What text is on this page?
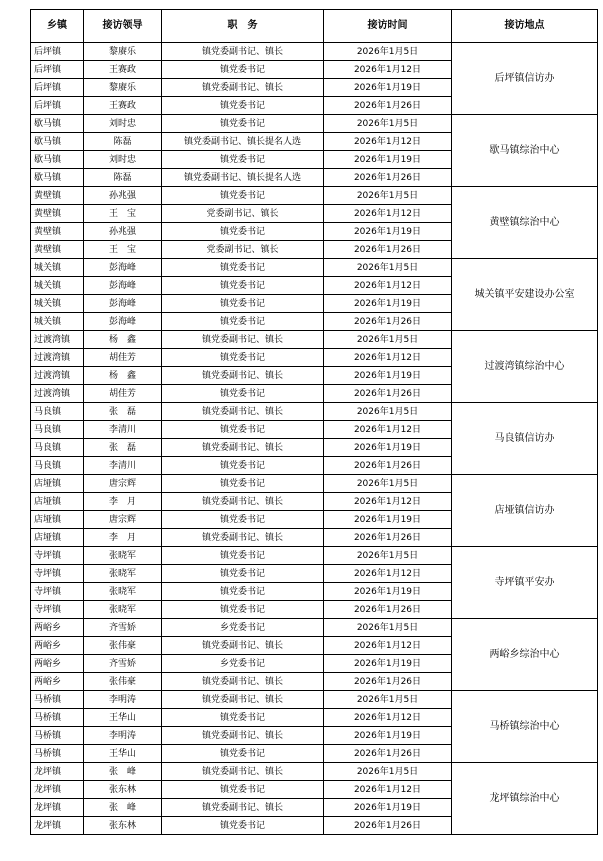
乡镇	接访领导	职　务	接访时间	接访地点
后坪镇	黎赓乐	镇党委副书记、镇长	2026年1月5日	后坪镇信访办
后坪镇	王赛政	镇党委书记	2026年1月12日	
后坪镇	黎赓乐	镇党委副书记、镇长	2026年1月19日	
后坪镇	王赛政	镇党委书记	2026年1月26日	
歇马镇	刘时忠	镇党委书记	2026年1月5日	歇马镇综治中心
歇马镇	陈磊	镇党委副书记、镇长提名人选	2026年1月12日	
歇马镇	刘时忠	镇党委书记	2026年1月19日	
歇马镇	陈磊	镇党委副书记、镇长提名人选	2026年1月26日	
黄壁镇	孙兆强	镇党委书记	2026年1月5日	黄壁镇综治中心
黄壁镇	王　宝	党委副书记、镇长	2026年1月12日	
黄壁镇	孙兆强	镇党委书记	2026年1月19日	
黄壁镇	王　宝	党委副书记、镇长	2026年1月26日	
城关镇	彭海峰	镇党委书记	2026年1月5日	城关镇平安建设办公室
城关镇	彭海峰	镇党委书记	2026年1月12日	
城关镇	彭海峰	镇党委书记	2026年1月19日	
城关镇	彭海峰	镇党委书记	2026年1月26日	
过渡湾镇	杨　鑫	镇党委副书记、镇长	2026年1月5日	过渡湾镇综治中心
过渡湾镇	胡佳芳	镇党委书记	2026年1月12日	
过渡湾镇	杨　鑫	镇党委副书记、镇长	2026年1月19日	
过渡湾镇	胡佳芳	镇党委书记	2026年1月26日	
马良镇	张　磊	镇党委副书记、镇长	2026年1月5日	马良镇信访办
马良镇	李清川	镇党委书记	2026年1月12日	
马良镇	张　磊	镇党委副书记、镇长	2026年1月19日	
马良镇	李清川	镇党委书记	2026年1月26日	
店垭镇	唐宗辉	镇党委书记	2026年1月5日	店垭镇信访办
店垭镇	李　月	镇党委副书记、镇长	2026年1月12日	
店垭镇	唐宗辉	镇党委书记	2026年1月19日	
店垭镇	李　月	镇党委副书记、镇长	2026年1月26日	
寺坪镇	张晓军	镇党委书记	2026年1月5日	寺坪镇平安办
寺坪镇	张晓军	镇党委书记	2026年1月12日	
寺坪镇	张晓军	镇党委书记	2026年1月19日	
寺坪镇	张晓军	镇党委书记	2026年1月26日	
两峪乡	齐雪娇	乡党委书记	2026年1月5日	两峪乡综治中心
两峪乡	张伟豪	镇党委副书记、镇长	2026年1月12日	
两峪乡	齐雪娇	乡党委书记	2026年1月19日	
两峪乡	张伟豪	镇党委副书记、镇长	2026年1月26日	
马桥镇	李明涛	镇党委副书记、镇长	2026年1月5日	马桥镇综治中心
马桥镇	王华山	镇党委书记	2026年1月12日	
马桥镇	李明涛	镇党委副书记、镇长	2026年1月19日	
马桥镇	王华山	镇党委书记	2026年1月26日	
龙坪镇	张　峰	镇党委副书记、镇长	2026年1月5日	龙坪镇综治中心
龙坪镇	张东林	镇党委书记	2026年1月12日	
龙坪镇	张　峰	镇党委副书记、镇长	2026年1月19日	
龙坪镇	张东林	镇党委书记	2026年1月26日	
